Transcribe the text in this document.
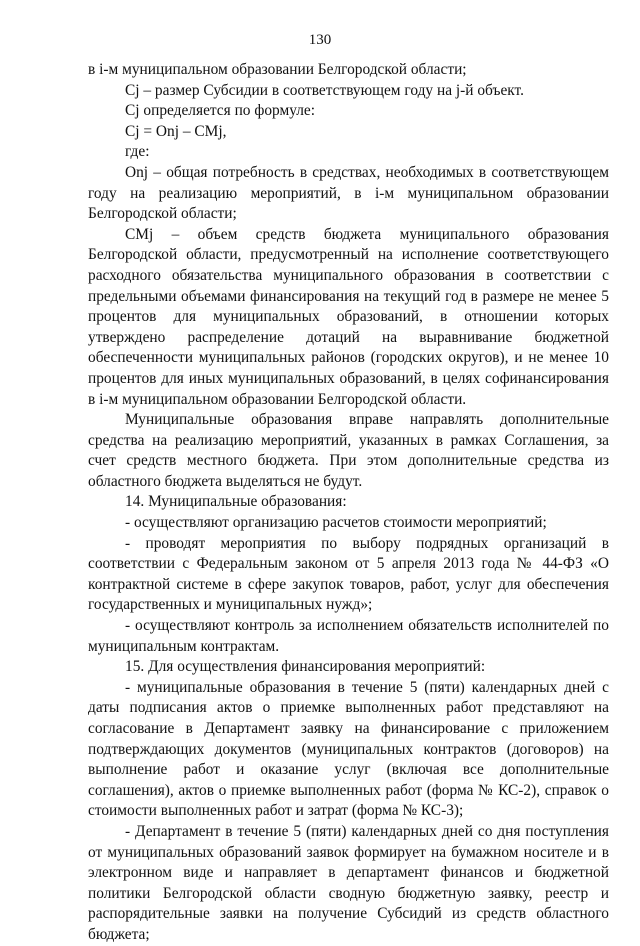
130

в i-м муниципальном образовании Белгородской области;

Cj – размер Субсидии в соответствующем году на j-й объект.

Cj определяется по формуле:

Cj = Onj – CMj,

где:

Onj – общая потребность в средствах, необходимых в соответствующем году на реализацию мероприятий, в i-м муниципальном образовании Белгородской области;

CMj – объем средств бюджета муниципального образования Белгородской области, предусмотренный на исполнение соответствующего расходного обязательства муниципального образования в соответствии с предельными объемами финансирования на текущий год в размере не менее 5 процентов для муниципальных образований, в отношении которых утверждено распределение дотаций на выравнивание бюджетной обеспеченности муниципальных районов (городских округов), и не менее 10 процентов для иных муниципальных образований, в целях софинансирования в i-м муниципальном образовании Белгородской области.

Муниципальные образования вправе направлять дополнительные средства на реализацию мероприятий, указанных в рамках Соглашения, за счет средств местного бюджета. При этом дополнительные средства из областного бюджета выделяться не будут.

14. Муниципальные образования:

- осуществляют организацию расчетов стоимости мероприятий;

- проводят мероприятия по выбору подрядных организаций в соответствии с Федеральным законом от 5 апреля 2013 года № 44-ФЗ «О контрактной системе в сфере закупок товаров, работ, услуг для обеспечения государственных и муниципальных нужд»;

- осуществляют контроль за исполнением обязательств исполнителей по муниципальным контрактам.

15. Для осуществления финансирования мероприятий:

- муниципальные образования в течение 5 (пяти) календарных дней с даты подписания актов о приемке выполненных работ представляют на согласование в Департамент заявку на финансирование с приложением подтверждающих документов (муниципальных контрактов (договоров) на выполнение работ и оказание услуг (включая все дополнительные соглашения), актов о приемке выполненных работ (форма № КС-2), справок о стоимости выполненных работ и затрат (форма № КС-3);

- Департамент в течение 5 (пяти) календарных дней со дня поступления от муниципальных образований заявок формирует на бумажном носителе и в электронном виде и направляет в департамент финансов и бюджетной политики Белгородской области сводную бюджетную заявку, реестр и распорядительные заявки на получение Субсидий из средств областного бюджета;
